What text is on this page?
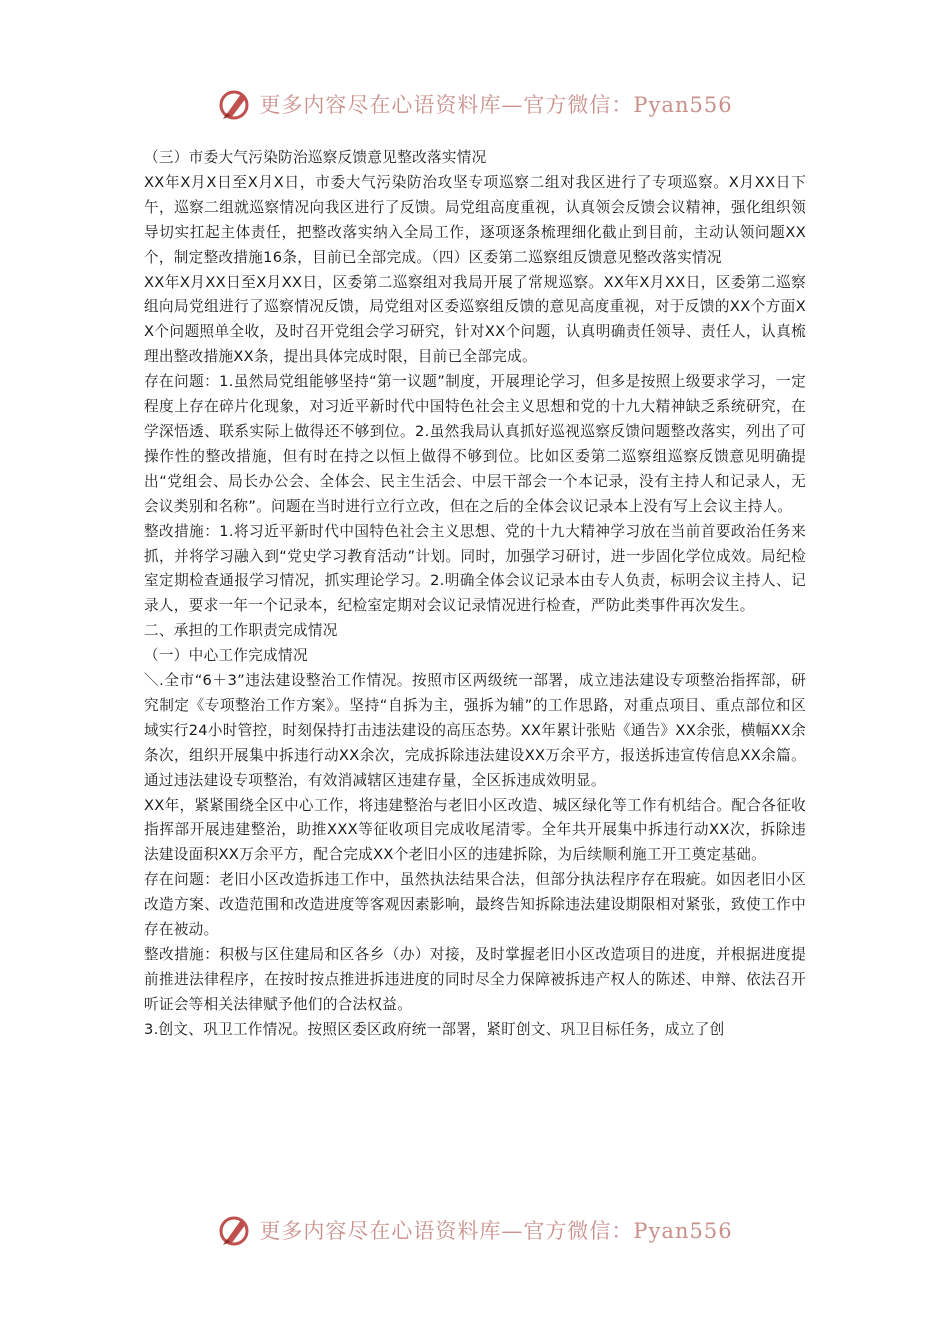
更多内容尽在心语资料库—官方微信：Pyan556

（三）市委大气污染防治巡察反馈意见整改落实情况

XX年X月X日至X月X日，市委大气污染防治攻坚专项巡察二组对我区进行了专项巡察。X月XX日下午，巡察二组就巡察情况向我区进行了反馈。局党组高度重视，认真领会反馈会议精神，强化组织领导切实扛起主体责任，把整改落实纳入全局工作，逐项逐条梳理细化截止到目前，主动认领问题XX个，制定整改措施16条，目前已全部完成。（四）区委第二巡察组反馈意见整改落实情况

XX年X月XX日至X月XX日，区委第二巡察组对我局开展了常规巡察。XX年X月XX日，区委第二巡察组向局党组进行了巡察情况反馈，局党组对区委巡察组反馈的意见高度重视，对于反馈的XX个方面XX个问题照单全收，及时召开党组会学习研究，针对XX个问题，认真明确责任领导、责任人，认真梳理出整改措施XX条，提出具体完成时限，目前已全部完成。

存在问题：1.虽然局党组能够坚持“第一议题”制度，开展理论学习，但多是按照上级要求学习，一定程度上存在碎片化现象，对习近平新时代中国特色社会主义思想和党的十九大精神缺乏系统研究，在学深悟透、联系实际上做得还不够到位。2.虽然我局认真抓好巡视巡察反馈问题整改落实，列出了可操作性的整改措施，但有时在持之以恒上做得不够到位。比如区委第二巡察组巡察反馈意见明确提出“党组会、局长办公会、全体会、民主生活会、中层干部会一个本记录，没有主持人和记录人，无会议类别和名称”。问题在当时进行立行立改，但在之后的全体会议记录本上没有写上会议主持人。

整改措施：1.将习近平新时代中国特色社会主义思想、党的十九大精神学习放在当前首要政治任务来抓，并将学习融入到“党史学习教育活动”计划。同时，加强学习研讨，进一步固化学位成效。局纪检室定期检查通报学习情况，抓实理论学习。2.明确全体会议记录本由专人负责，标明会议主持人、记录人，要求一年一个记录本，纪检室定期对会议记录情况进行检查，严防此类事件再次发生。

二、承担的工作职责完成情况

（一）中心工作完成情况

＼.全市“6＋3”违法建设整治工作情况。按照市区两级统一部署，成立违法建设专项整治指挥部，研究制定《专项整治工作方案》。坚持“自拆为主，强拆为辅”的工作思路，对重点项目、重点部位和区域实行24小时管控，时刻保持打击违法建设的高压态势。XX年累计张贴《通告》XX余张，横幅XX余条次，组织开展集中拆违行动XX余次，完成拆除违法建设XX万余平方，报送拆违宣传信息XX余篇。通过违法建设专项整治，有效消减辖区违建存量，全区拆违成效明显。

XX年，紧紧围绕全区中心工作，将违建整治与老旧小区改造、城区绿化等工作有机结合。配合各征收指挥部开展违建整治，助推XXX等征收项目完成收尾清零。全年共开展集中拆违行动XX次，拆除违法建设面积XX万余平方，配合完成XX个老旧小区的违建拆除，为后续顺利施工开工奠定基础。

存在问题：老旧小区改造拆违工作中，虽然执法结果合法，但部分执法程序存在瑕疵。如因老旧小区改造方案、改造范围和改造进度等客观因素影响，最终告知拆除违法建设期限相对紧张，致使工作中存在被动。

整改措施：积极与区住建局和区各乡（办）对接，及时掌握老旧小区改造项目的进度，并根据进度提前推进法律程序，在按时按点推进拆违进度的同时尽全力保障被拆违产权人的陈述、申辩、依法召开听证会等相关法律赋予他们的合法权益。

3.创文、巩卫工作情况。按照区委区政府统一部署，紧盯创文、巩卫目标任务，成立了创

更多内容尽在心语资料库—官方微信：Pyan556
